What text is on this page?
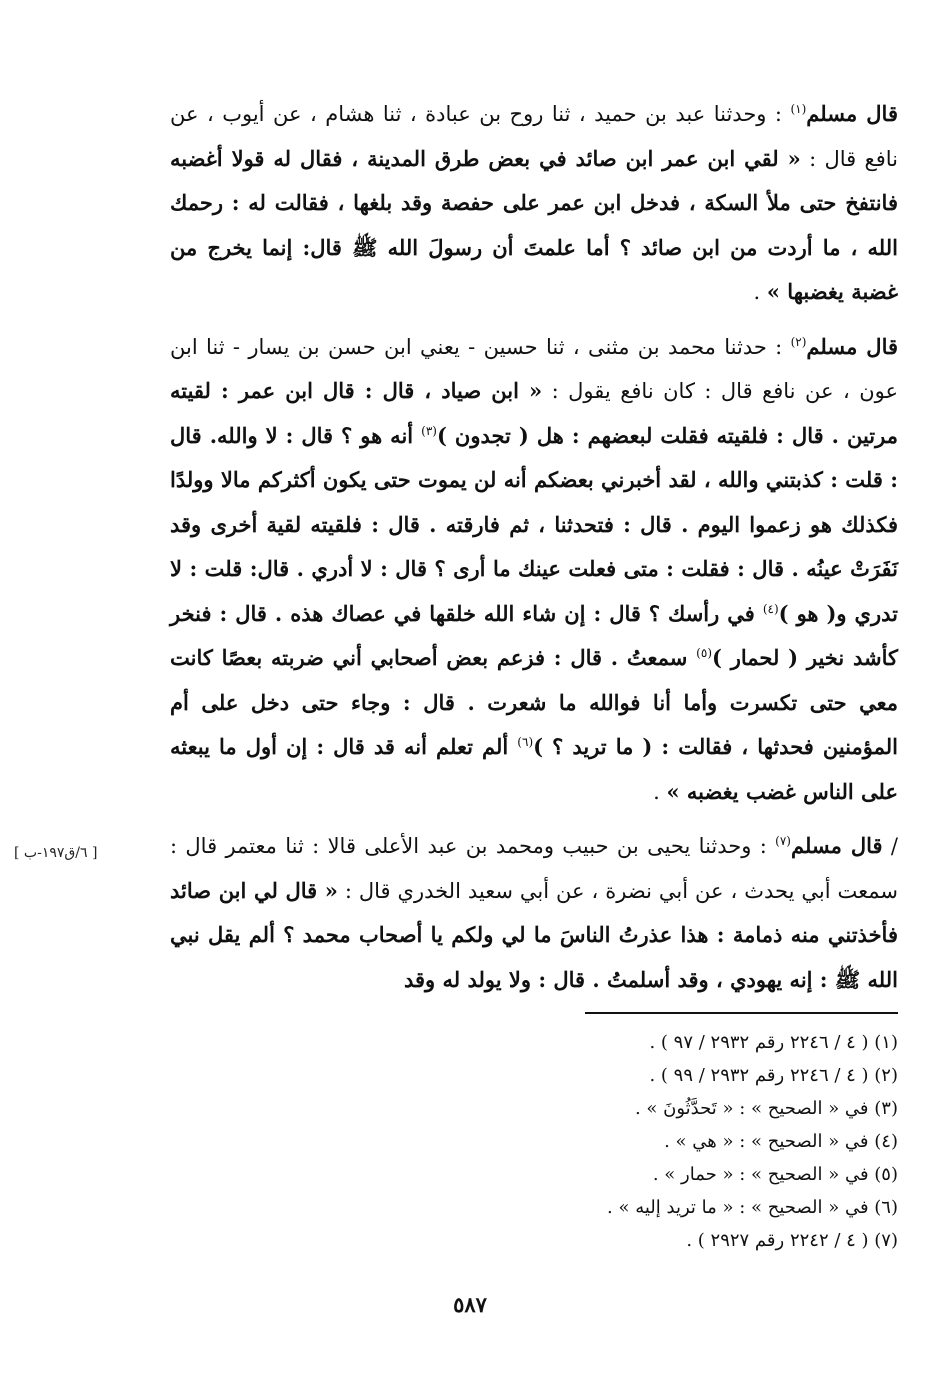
[ ٦/ق١٩٧-ب ]

قال مسلم$^{(١)}$ : وحدثنا عبد بن حميد ، ثنا روح بن عبادة ، ثنا هشام ، عن أيوب ، عن نافع قال : « لقي ابن عمر ابن صائد في بعض طرق المدينة ، فقال له قولا أغضبه فانتفخ حتى ملأ السكة ، فدخل ابن عمر على حفصة وقد بلغها ، فقالت له : رحمك الله ، ما أردت من ابن صائد ؟ أما علمتَ أن رسولَ الله ﷺ قال: إنما يخرج من غضبة يغضبها » .

قال مسلم$^{(٢)}$ : حدثنا محمد بن مثنى ، ثنا حسين - يعني ابن حسن بن يسار - ثنا ابن عون ، عن نافع قال : كان نافع يقول : « ابن صياد ، قال : قال ابن عمر : لقيته مرتين . قال : فلقيته فقلت لبعضهم : هل ( تجدون )$^{(٣)}$ أنه هو ؟ قال : لا والله. قال : قلت : كذبتني والله ، لقد أخبرني بعضكم أنه لن يموت حتى يكون أكثركم مالا وولدًا فكذلك هو زعموا اليوم . قال : فتحدثنا ، ثم فارقته . قال : فلقيته لقية أخرى وقد نَفَرَتْ عينُه . قال : فقلت : متى فعلت عينك ما أرى ؟ قال : لا أدري . قال: قلت : لا تدري و( هو )$^{(٤)}$ في رأسك ؟ قال : إن شاء الله خلقها في عصاك هذه . قال : فنخر كأشد نخير ( لحمار )$^{(٥)}$ سمعتُ . قال : فزعم بعض أصحابي أني ضربته بعصًا كانت معي حتى تكسرت وأما أنا فوالله ما شعرت . قال : وجاء حتى دخل على أم المؤمنين فحدثها ، فقالت : ( ما تريد ؟ )$^{(٦)}$ ألم تعلم أنه قد قال : إن أول ما يبعثه على الناس غضب يغضبه » .

/ قال مسلم$^{(٧)}$ : وحدثنا يحيى بن حبيب ومحمد بن عبد الأعلى قالا : ثنا معتمر قال : سمعت أبي يحدث ، عن أبي نضرة ، عن أبي سعيد الخدري قال : « قال لي ابن صائد فأخذتني منه ذمامة : هذا عذرتُ الناسَ ما لي ولكم يا أصحاب محمد ؟ ألم يقل نبي الله ﷺ : إنه يهودي ، وقد أسلمتُ . قال : ولا يولد له وقد

(١) ( ٤ / ٢٢٤٦ رقم ٢٩٣٢ / ٩٧ ) .
(٢) ( ٤ / ٢٢٤٦ رقم ٢٩٣٢ / ٩٩ ) .
(٣) في « الصحيح » : « تَحدَّثُونَ » .
(٤) في « الصحيح » : « هي » .
(٥) في « الصحيح » : « حمار » .
(٦) في « الصحيح » : « ما تريد إليه » .
(٧) ( ٤ / ٢٢٤٢ رقم ٢٩٢٧ ) .
٥٨٧
